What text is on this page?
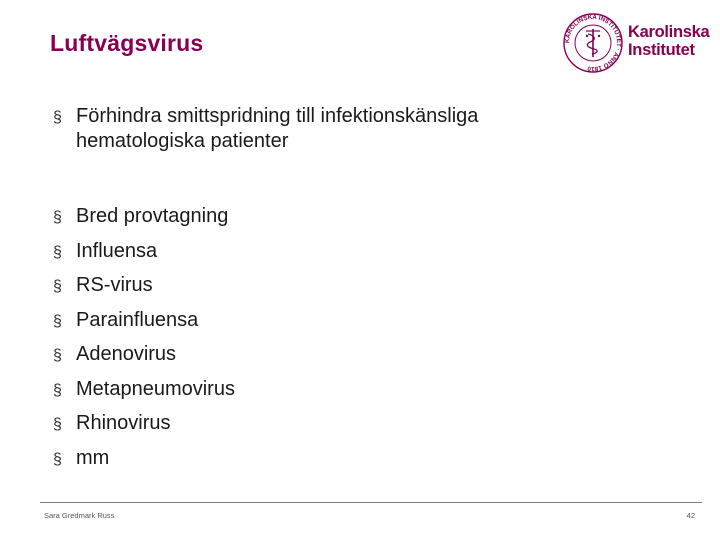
Luftvägsvirus	KAROLINSKA INSTITUTET · ANNO 1810
Karolinska
Institutet
§ Förhindra smittspridning till infektionskänsliga
hematologiska patienter
§ Bred provtagning
§ Influensa
§ RS-virus
§ Parainfluensa
§ Adenovirus
§ Metapneumovirus
§ Rhinovirus
§ mm
Sara Gredmark Russ	42
